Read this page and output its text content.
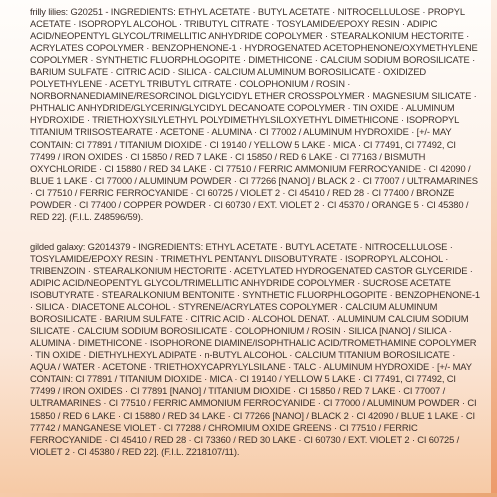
frilly lilies: G20251 - INGREDIENTS: ETHYL ACETATE · BUTYL ACETATE · NITROCELLULOSE · PROPYL ACETATE · ISOPROPYL ALCOHOL · TRIBUTYL CITRATE · TOSYLAMIDE/EPOXY RESIN · ADIPIC ACID/NEOPENTYL GLYCOL/TRIMELLITIC ANHYDRIDE COPOLYMER · STEARALKONIUM HECTORITE · ACRYLATES COPOLYMER · BENZOPHENONE-1 · HYDROGENATED ACETOPHENONE/OXYMETHYLENE COPOLYMER · SYNTHETIC FLUORPHLOGOPITE · DIMETHICONE · CALCIUM SODIUM BOROSILICATE · BARIUM SULFATE · CITRIC ACID · SILICA · CALCIUM ALUMINUM BOROSILICATE · OXIDIZED POLYETHYLENE · ACETYL TRIBUTYL CITRATE · COLOPHONIUM / ROSIN · NORBORNANEDIAMINE/RESORCINOL DIGLYCIDYL ETHER CROSSPOLYMER · MAGNESIUM SILICATE · PHTHALIC ANHYDRIDE/GLYCERIN/GLYCIDYL DECANOATE COPOLYMER · TIN OXIDE · ALUMINUM HYDROXIDE · TRIETHOXYSILYLETHYL POLYDIMETHYLSILOXYETHYL DIMETHICONE · ISOPROPYL TITANIUM TRIISOSTEARATE · ACETONE · ALUMINA · CI 77002 / ALUMINUM HYDROXIDE · [+/- MAY CONTAIN: CI 77891 / TITANIUM DIOXIDE · CI 19140 / YELLOW 5 LAKE · MICA · CI 77491, CI 77492, CI 77499 / IRON OXIDES · CI 15850 / RED 7 LAKE · CI 15850 / RED 6 LAKE · CI 77163 / BISMUTH OXYCHLORIDE · CI 15880 / RED 34 LAKE · CI 77510 / FERRIC AMMONIUM FERROCYANIDE · CI 42090 / BLUE 1 LAKE · CI 77000 / ALUMINUM POWDER · CI 77266 [NANO] / BLACK 2 · CI 77007 / ULTRAMARINES · CI 77510 / FERRIC FERROCYANIDE · CI 60725 / VIOLET 2 · CI 45410 / RED 28 · CI 77400 / BRONZE POWDER · CI 77400 / COPPER POWDER · CI 60730 / EXT. VIOLET 2 · CI 45370 / ORANGE 5 · CI 45380 / RED 22]. (F.I.L. Z48596/59).

gilded galaxy: G2014379 - INGREDIENTS: ETHYL ACETATE · BUTYL ACETATE · NITROCELLULOSE · TOSYLAMIDE/EPOXY RESIN · TRIMETHYL PENTANYL DIISOBUTYRATE · ISOPROPYL ALCOHOL · TRIBENZOIN · STEARALKONIUM HECTORITE · ACETYLATED HYDROGENATED CASTOR GLYCERIDE · ADIPIC ACID/NEOPENTYL GLYCOL/TRIMELLITIC ANHYDRIDE COPOLYMER · SUCROSE ACETATE ISOBUTYRATE · STEARALKONIUM BENTONITE · SYNTHETIC FLUORPHLOGOPITE · BENZOPHENONE-1 · SILICA · DIACETONE ALCOHOL · STYRENE/ACRYLATES COPOLYMER · CALCIUM ALUMINUM BOROSILICATE · BARIUM SULFATE · CITRIC ACID · ALCOHOL DENAT. · ALUMINUM CALCIUM SODIUM SILICATE · CALCIUM SODIUM BOROSILICATE · COLOPHONIUM / ROSIN · SILICA [NANO] / SILICA · ALUMINA · DIMETHICONE · ISOPHORONE DIAMINE/ISOPHTHALIC ACID/TROMETHAMINE COPOLYMER · TIN OXIDE · DIETHYLHEXYL ADIPATE · n-BUTYL ALCOHOL · CALCIUM TITANIUM BOROSILICATE · AQUA / WATER · ACETONE · TRIETHOXYCAPRYLYLSILANE · TALC · ALUMINUM HYDROXIDE · [+/- MAY CONTAIN: CI 77891 / TITANIUM DIOXIDE · MICA · CI 19140 / YELLOW 5 LAKE · CI 77491, CI 77492, CI 77499 / IRON OXIDES · CI 77891 [NANO] / TITANIUM DIOXIDE · CI 15850 / RED 7 LAKE · CI 77007 / ULTRAMARINES · CI 77510 / FERRIC AMMONIUM FERROCYANIDE · CI 77000 / ALUMINUM POWDER · CI 15850 / RED 6 LAKE · CI 15880 / RED 34 LAKE · CI 77266 [NANO] / BLACK 2 · CI 42090 / BLUE 1 LAKE · CI 77742 / MANGANESE VIOLET · CI 77288 / CHROMIUM OXIDE GREENS · CI 77510 / FERRIC FERROCYANIDE · CI 45410 / RED 28 · CI 73360 / RED 30 LAKE · CI 60730 / EXT. VIOLET 2 · CI 60725 / VIOLET 2 · CI 45380 / RED 22]. (F.I.L. Z218107/11).
